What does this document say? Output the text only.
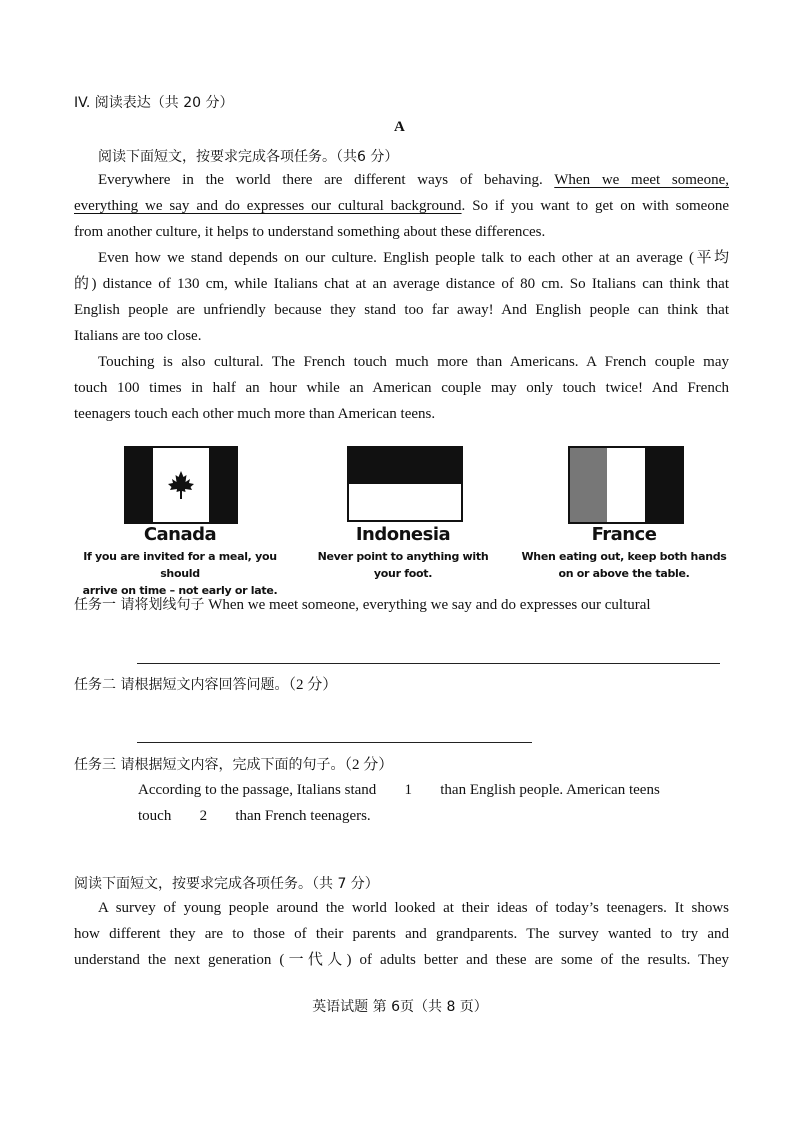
IV. 阅读表达（共 20 分）
A
阅读下面短文，按要求完成各项任务。（共6 分）
Everywhere in the world there are different ways of behaving. When we meet someone,
everything we say and do expresses our cultural background. So if you want to get on with someone
from another culture, it helps to understand something about these differences.
Even how we stand depends on our culture. English people talk to each other at an average (平均
的) distance of 130 cm, while Italians chat at an average distance of 80 cm. So Italians can think that
English people are unfriendly because they stand too far away! And English people can think that
Italians are too close.
Touching is also cultural. The French touch much more than Americans. A French couple may
touch 100 times in half an hour while an American couple may only touch twice! And French
teenagers touch each other much more than American teens.
Canada
If you are invited for a meal, you should
arrive on time – not early or late.
Indonesia
Never point to anything with
your foot.
France
When eating out, keep both hands
on or above the table.
任务一 请将划线句子 When we meet someone, everything we say and do expresses our cultural
任务二 请根据短文内容回答问题。（2 分）
任务三 请根据短文内容，完成下面的句子。（2 分）
According to the passage, Italians stand 1 than English people. American teens
touch 2 than French teenagers.
阅读下面短文，按要求完成各项任务。（共 7 分）
A survey of young people around the world looked at their ideas of today’s teenagers. It shows
how different they are to those of their parents and grandparents. The survey wanted to try and
understand the next generation (一代人) of adults better and these are some of the results. They
英语试题 第 6页（共 8 页）
